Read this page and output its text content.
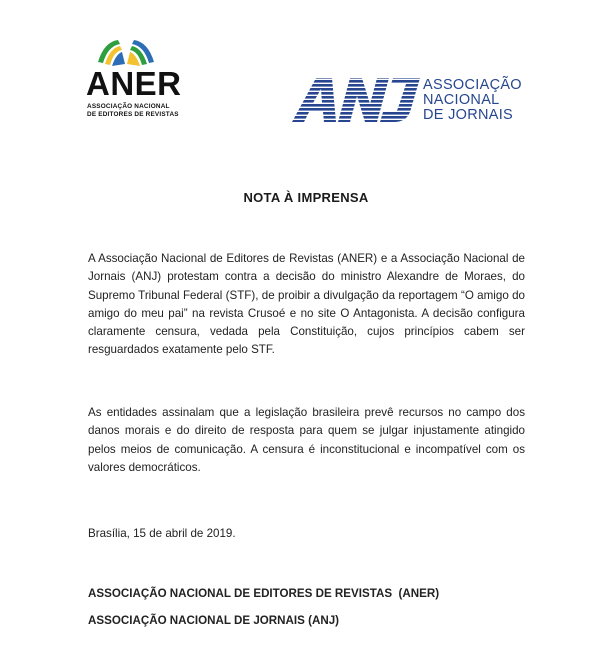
ANER
ASSOCIAÇÃO NACIONAL
DE EDITORES DE REVISTAS
ASSOCIAÇÃO
NACIONAL
DE JORNAIS
NOTA À IMPRENSA
A Associação Nacional de Editores de Revistas (ANER) e a Associação Nacional de Jornais (ANJ) protestam contra a decisão do ministro Alexandre de Moraes, do Supremo Tribunal Federal (STF), de proibir a divulgação da reportagem “O amigo do amigo do meu pai” na revista Crusoé e no site O Antagonista. A decisão configura claramente censura, vedada pela Constituição, cujos princípios cabem ser resguardados exatamente pelo STF.
As entidades assinalam que a legislação brasileira prevê recursos no campo dos danos morais e do direito de resposta para quem se julgar injustamente atingido pelos meios de comunicação. A censura é inconstitucional e incompatível com os valores democráticos.
Brasília, 15 de abril de 2019.
ASSOCIAÇÃO NACIONAL DE EDITORES DE REVISTAS  (ANER)
ASSOCIAÇÃO NACIONAL DE JORNAIS (ANJ)
